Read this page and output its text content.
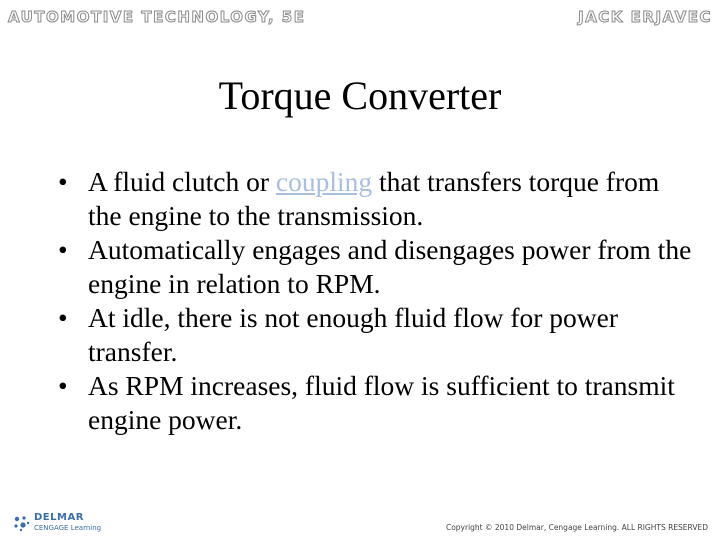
AUTOMOTIVE TECHNOLOGY, 5E	JACK ERJAVEC
Torque Converter
• A fluid clutch or coupling that transfers torque from the engine to the transmission.
• Automatically engages and disengages power from the engine in relation to RPM.
• At idle, there is not enough fluid flow for power transfer.
• As RPM increases, fluid flow is sufficient to transmit engine power.
DELMAR
CENGAGE Learning	Copyright © 2010 Delmar, Cengage Learning. ALL RIGHTS RESERVED
